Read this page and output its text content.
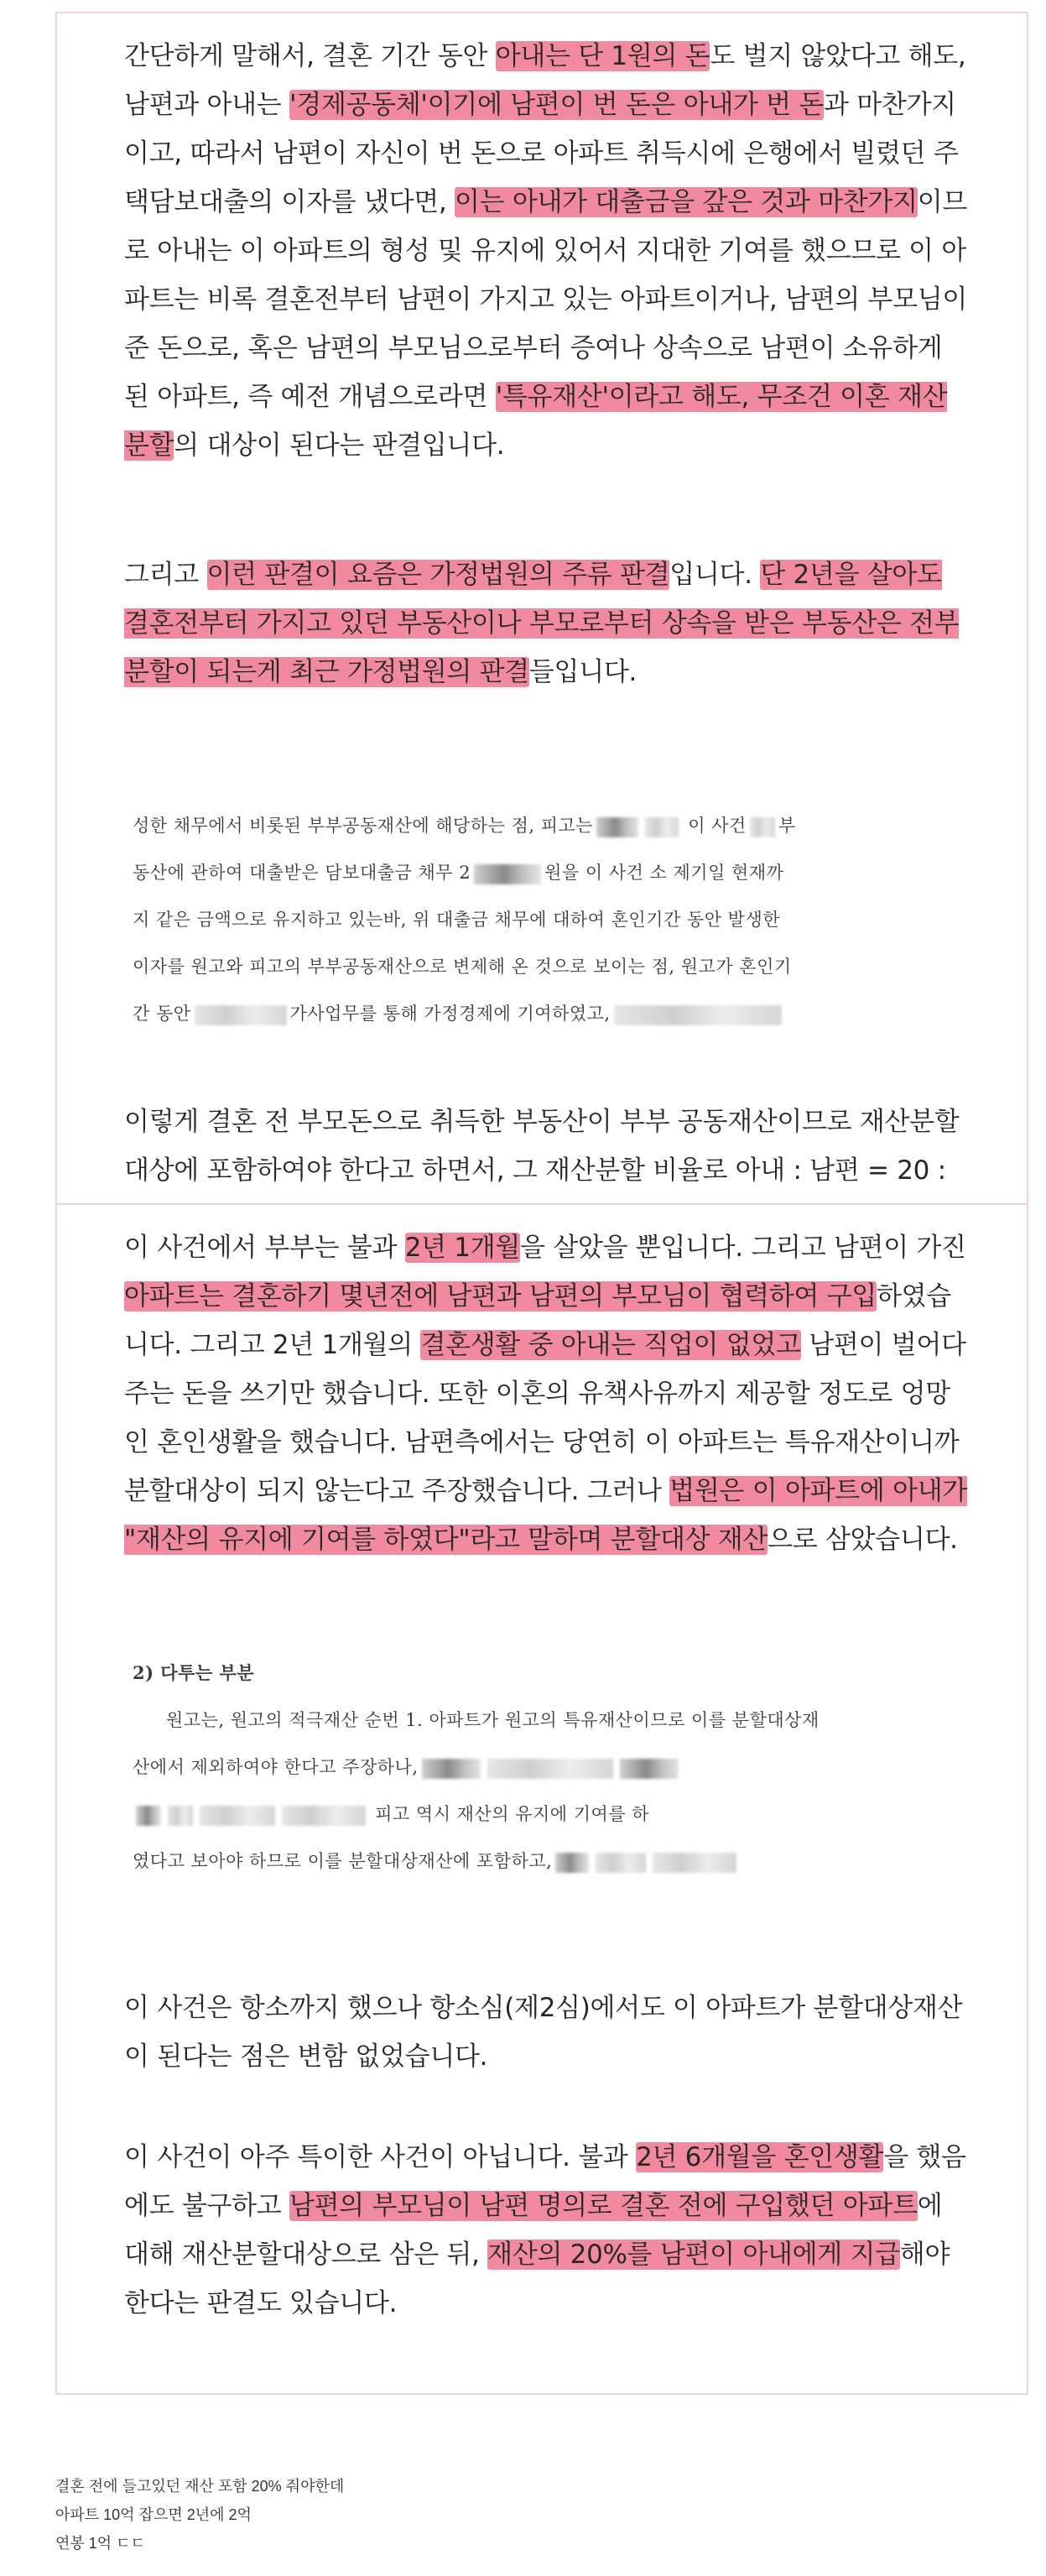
간단하게 말해서, 결혼 기간 동안 아내는 단 1원의 돈도 벌지 않았다고 해도, 남편과 아내는 '경제공동체'이기에 남편이 번 돈은 아내가 번 돈과 마찬가지이고, 따라서 남편이 자신이 번 돈으로 아파트 취득시에 은행에서 빌렸던 주택담보대출의 이자를 냈다면, 이는 아내가 대출금을 갚은 것과 마찬가지이므로 아내는 이 아파트의 형성 및 유지에 있어서 지대한 기여를 했으므로 이 아파트는 비록 결혼전부터 남편이 가지고 있는 아파트이거나, 남편의 부모님이 준 돈으로, 혹은 남편의 부모님으로부터 증여나 상속으로 남편이 소유하게 된 아파트, 즉 예전 개념으로라면 '특유재산'이라고 해도, 무조건 이혼 재산분할의 대상이 된다는 판결입니다.

그리고 이런 판결이 요즘은 가정법원의 주류 판결입니다. 단 2년을 살아도 결혼전부터 가지고 있던 부동산이나 부모로부터 상속을 받은 부동산은 전부 분할이 되는게 최근 가정법원의 판결들입니다.

성한 채무에서 비롯된 부부공동재산에 해당하는 점, 피고는	이 사건 부

동산에 관하여 대출받은 담보대출금 채무 2	원을 이 사건 소 제기일 현재까

지 같은 금액으로 유지하고 있는바, 위 대출금 채무에 대하여 혼인기간 동안 발생한

이자를 원고와 피고의 부부공동재산으로 변제해 온 것으로 보이는 점, 원고가 혼인기

간 동안	가사업무를 통해 가정경제에 기여하였고,

이렇게 결혼 전 부모돈으로 취득한 부동산이 부부 공동재산이므로 재산분할 대상에 포함하여야 한다고 하면서, 그 재산분할 비율로 아내 : 남편 = 20 :

이 사건에서 부부는 불과 2년 1개월을 살았을 뿐입니다. 그리고 남편이 가진 아파트는 결혼하기 몇년전에 남편과 남편의 부모님이 협력하여 구입하였습니다. 그리고 2년 1개월의 결혼생활 중 아내는 직업이 없었고 남편이 벌어다주는 돈을 쓰기만 했습니다. 또한 이혼의 유책사유까지 제공할 정도로 엉망인 혼인생활을 했습니다. 남편측에서는 당연히 이 아파트는 특유재산이니까 분할대상이 되지 않는다고 주장했습니다. 그러나 법원은 이 아파트에 아내가 "재산의 유지에 기여를 하였다"라고 말하며 분할대상 재산으로 삼았습니다.

2) 다투는 부분

원고는, 원고의 적극재산 순번 1. 아파트가 원고의 특유재산이므로 이를 분할대상재

산에서 제외하여야 한다고 주장하나,

피고 역시 재산의 유지에 기여를 하

였다고 보아야 하므로 이를 분할대상재산에 포함하고,

이 사건은 항소까지 했으나 항소심(제2심)에서도 이 아파트가 분할대상재산이 된다는 점은 변함 없었습니다.

이 사건이 아주 특이한 사건이 아닙니다. 불과 2년 6개월을 혼인생활을 했음에도 불구하고 남편의 부모님이 남편 명의로 결혼 전에 구입했던 아파트에 대해 재산분할대상으로 삼은 뒤, 재산의 20%를 남편이 아내에게 지급해야 한다는 판결도 있습니다.

결혼 전에 들고있던 재산 포함 20% 줘야한데

아파트 10억 잡으면 2년에 2억

연봉 1억 ㄷㄷ
